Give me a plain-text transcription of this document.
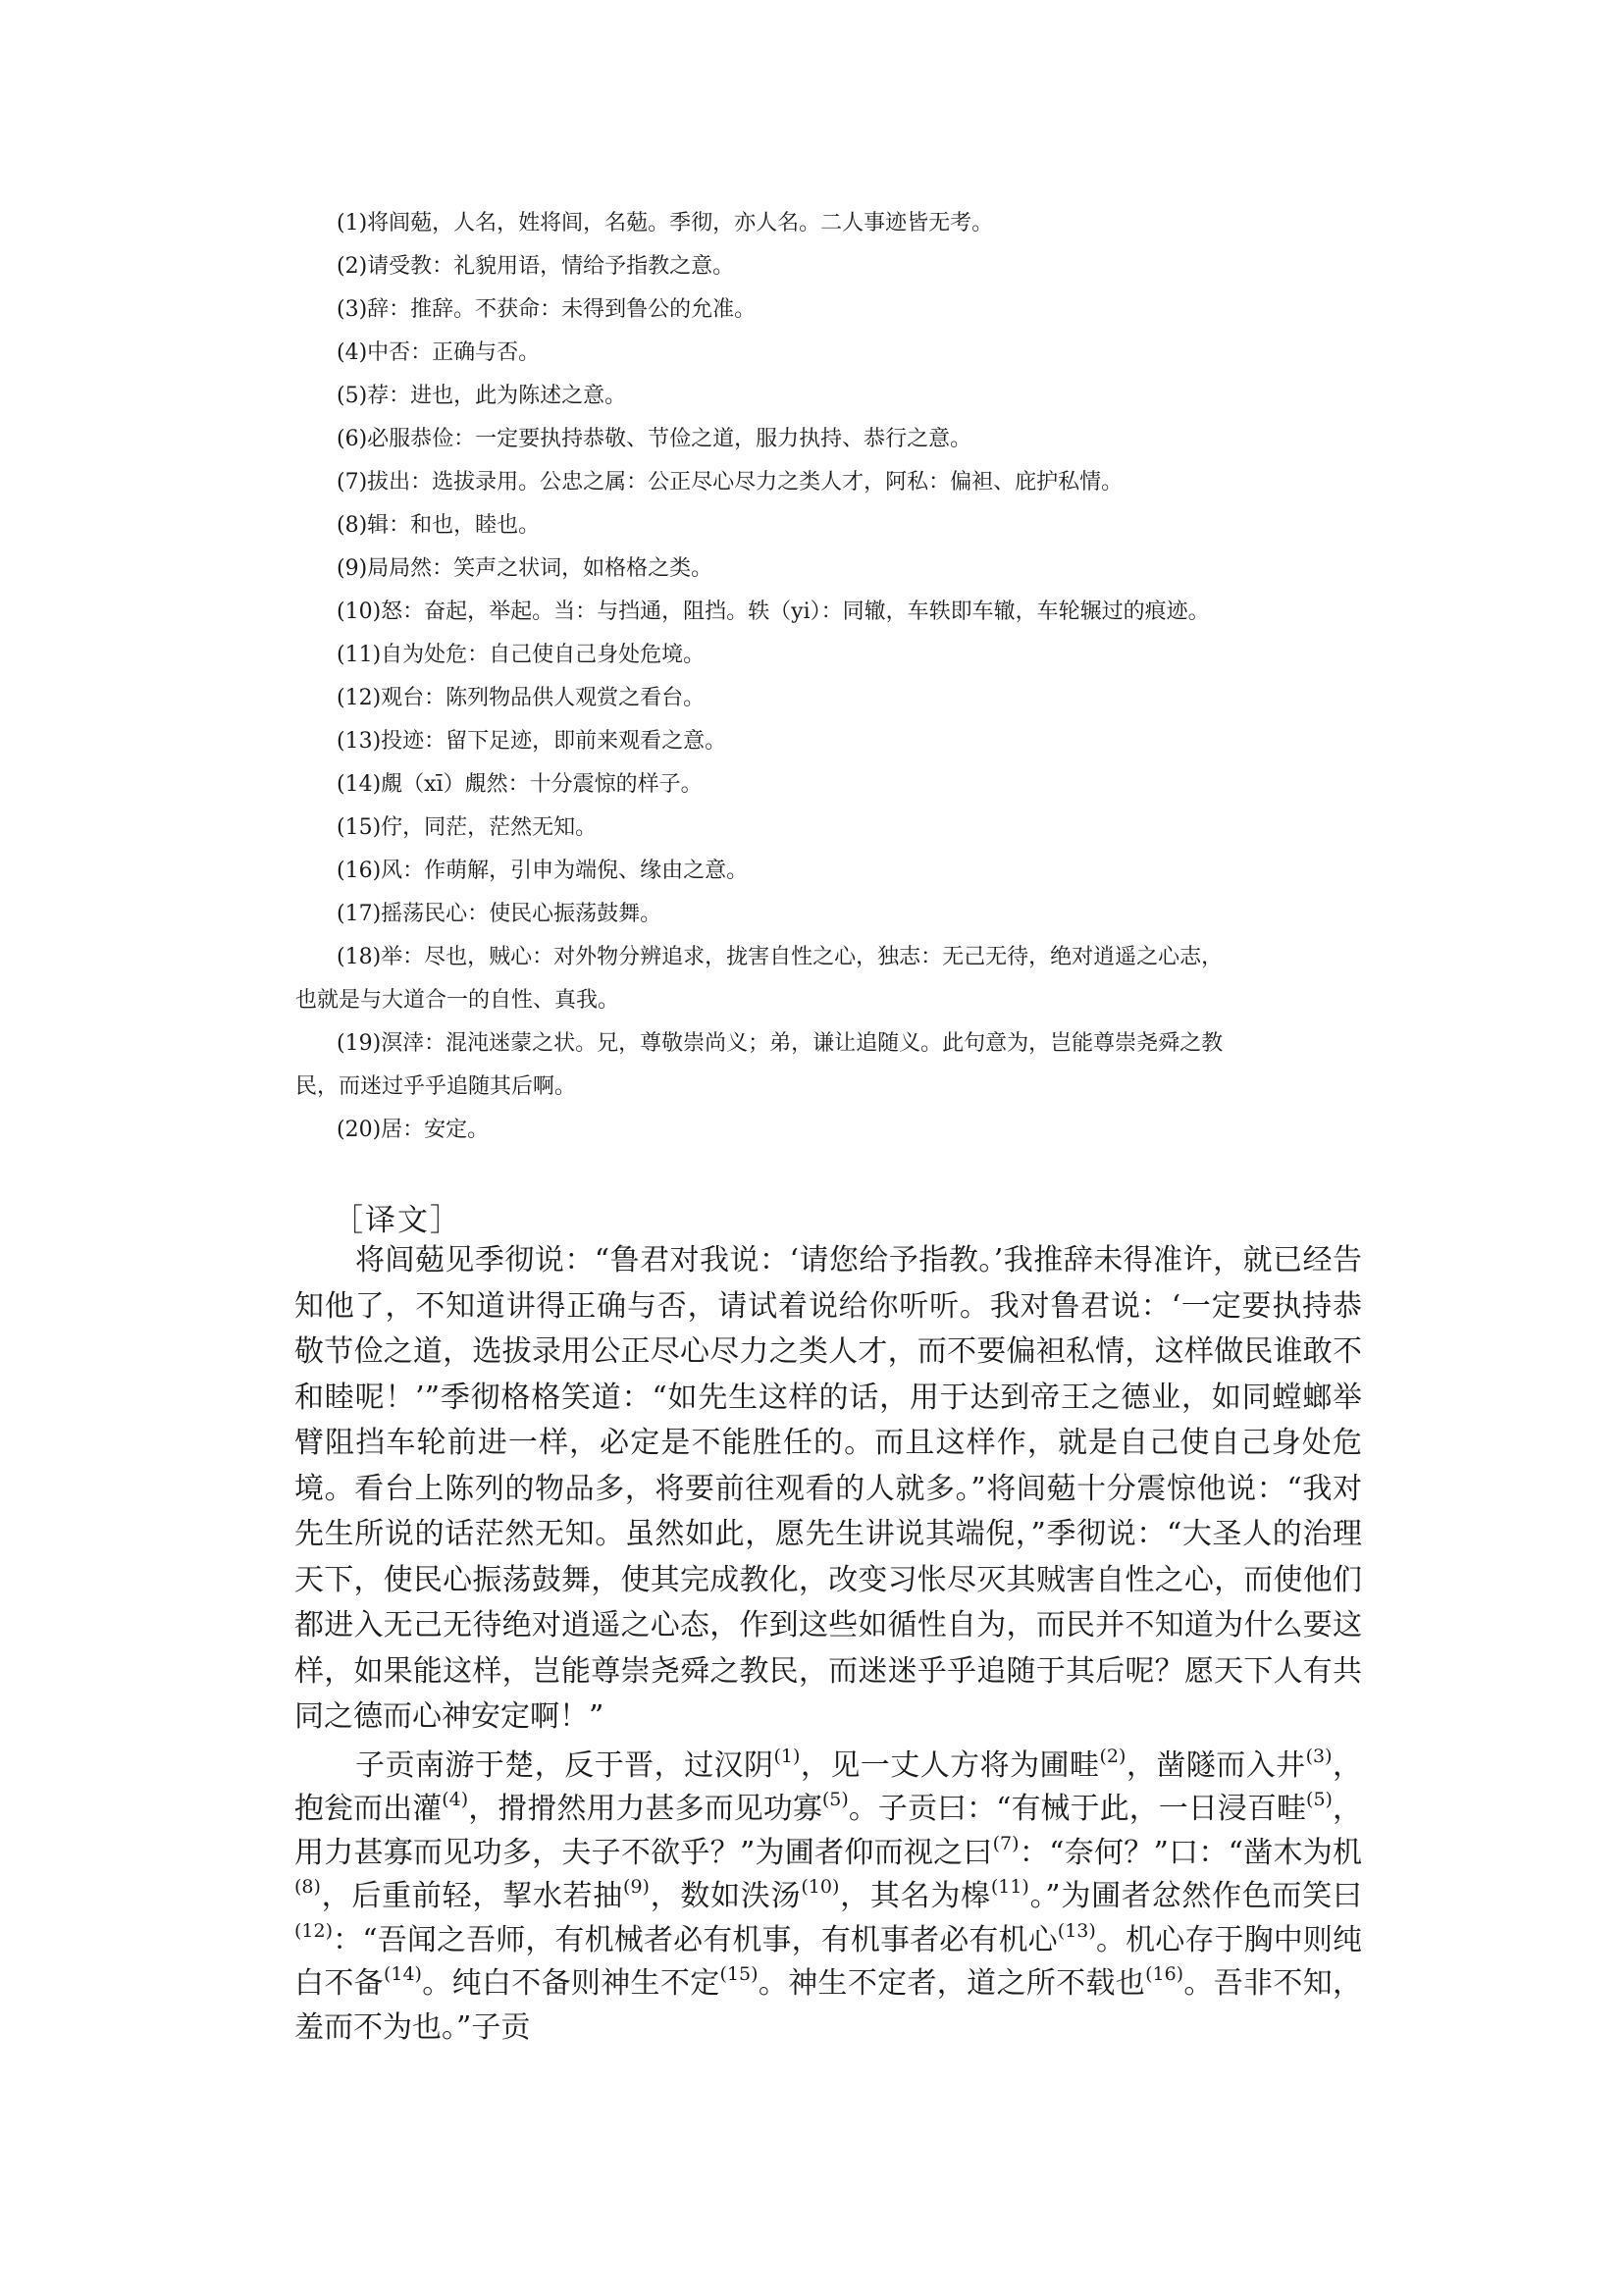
(1)将闾葂，人名，姓将闾，名葂。季彻，亦人名。二人事迹皆无考。
(2)请受教：礼貌用语，情给予指教之意。
(3)辞：推辞。不获命：未得到鲁公的允准。
(4)中否：正确与否。
(5)荐：进也，此为陈述之意。
(6)必服恭俭：一定要执持恭敬、节俭之道，服力执持、恭行之意。
(7)拔出：选拔录用。公忠之属：公正尽心尽力之类人才，阿私：偏袒、庇护私情。
(8)辑：和也，睦也。
(9)局局然：笑声之状词，如格格之类。
(10)怒：奋起，举起。当：与挡通，阻挡。轶（yi）：同辙，车轶即车辙，车轮辗过的痕迹。
(11)自为处危：自己使自己身处危境。
(12)观台：陈列物品供人观赏之看台。
(13)投迹：留下足迹，即前来观看之意。
(14)覤（xī）覤然：十分震惊的样子。
(15)佇，同茫，茫然无知。
(16)风：作萌解，引申为端倪、缘由之意。
(17)摇荡民心：使民心振荡鼓舞。
(18)举：尽也，贼心：对外物分辨追求，拢害自性之心，独志：无己无待，绝对逍遥之心志，
也就是与大道合一的自性、真我。
(19)溟涬：混沌迷蒙之状。兄，尊敬崇尚义；弟，谦让追随义。此句意为，岂能尊崇尧舜之教
民，而迷过乎乎追随其后啊。
(20)居：安定。
［译文］

将闾葂见季彻说：“鲁君对我说：‘请您给予指教。’我推辞未得准许，就已经告知他了，不知道讲得正确与否，请试着说给你听听。我对鲁君说：‘一定要执持恭敬节俭之道，选拔录用公正尽心尽力之类人才，而不要偏袒私情，这样做民谁敢不和睦呢！’”季彻格格笑道：“如先生这样的话，用于达到帝王之德业，如同螳螂举臂阻挡车轮前进一样，必定是不能胜任的。而且这样作，就是自己使自己身处危境。看台上陈列的物品多，将要前往观看的人就多。”将闾葂十分震惊他说：“我对先生所说的话茫然无知。虽然如此，愿先生讲说其端倪，”季彻说：“大圣人的治理天下，使民心振荡鼓舞，使其完成教化，改变习怅尽灭其贼害自性之心，而使他们都进入无己无待绝对逍遥之心态，作到这些如循性自为，而民并不知道为什么要这样，如果能这样，岂能尊崇尧舜之教民，而迷迷乎乎追随于其后呢？愿天下人有共同之德而心神安定啊！”

子贡南游于楚，反于晋，过汉阴$^{(1)}$，见一丈人方将为圃畦$^{(2)}$，凿隧而入井$^{(3)}$，抱瓮而出灌$^{(4)}$，搰搰然用力甚多而见功寡$^{(5)}$。子贡曰：“有械于此，一日浸百畦$^{(5)}$，用力甚寡而见功多，夫子不欲乎？”为圃者仰而视之曰$^{(7)}$：“奈何？”口：“凿木为机$^{(8)}$，后重前轻，挈水若抽$^{(9)}$，数如泆汤$^{(10)}$，其名为槔$^{(11)}$。”为圃者忿然作色而笑曰$^{(12)}$：“吾闻之吾师，有机械者必有机事，有机事者必有机心$^{(13)}$。机心存于胸中则纯白不备$^{(14)}$。纯白不备则神生不定$^{(15)}$。神生不定者，道之所不载也$^{(16)}$。吾非不知，羞而不为也。”子贡
